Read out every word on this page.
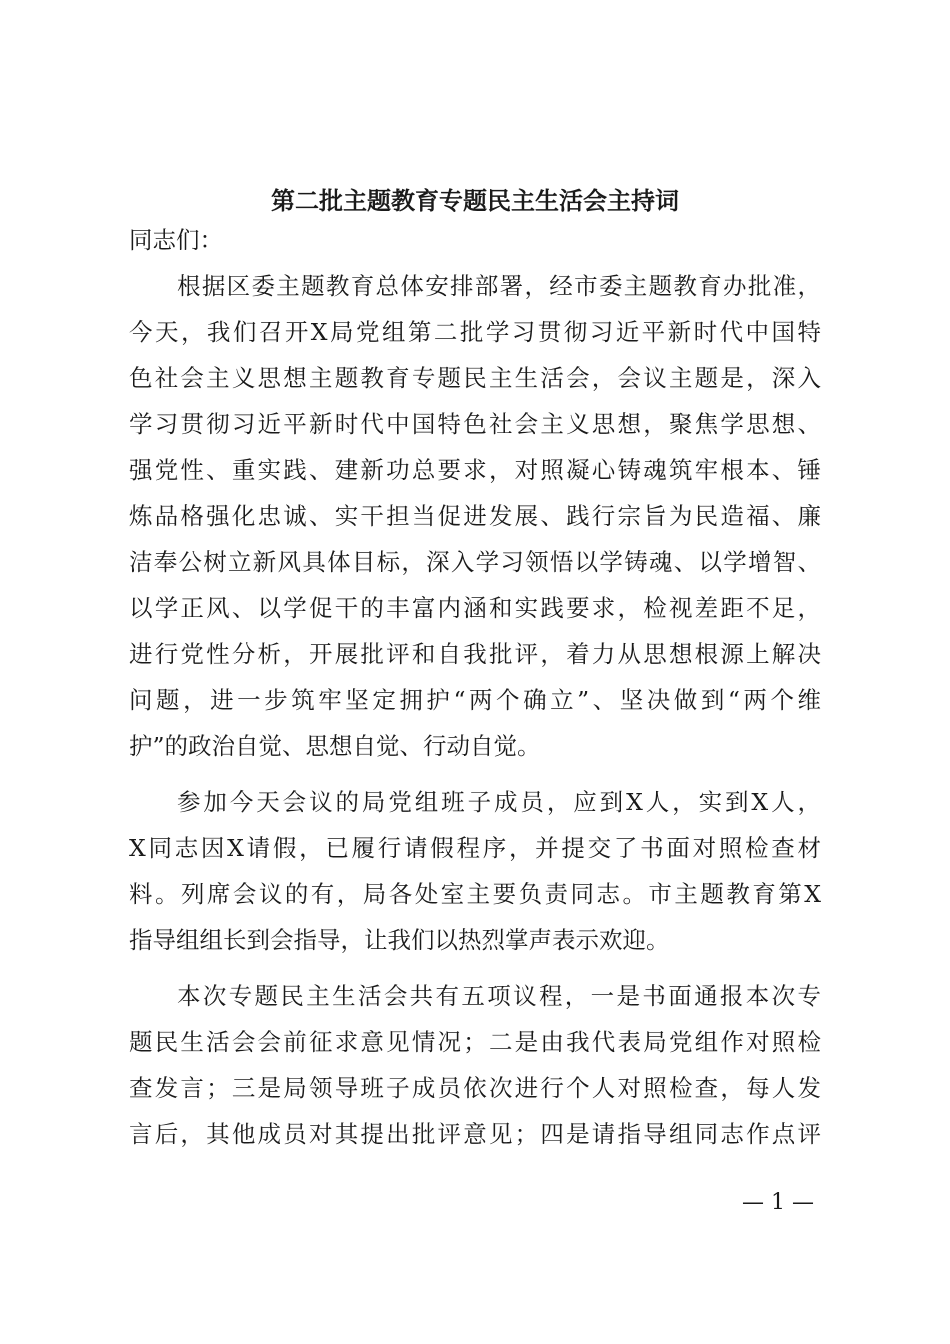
第二批主题教育专题民主生活会主持词
同志们：
根据区委主题教育总体安排部署，经市委主题教育办批准，
今天，我们召开X局党组第二批学习贯彻习近平新时代中国特
色社会主义思想主题教育专题民主生活会，会议主题是，深入
学习贯彻习近平新时代中国特色社会主义思想，聚焦学思想、
强党性、重实践、建新功总要求，对照凝心铸魂筑牢根本、锤
炼品格强化忠诚、实干担当促进发展、践行宗旨为民造福、廉
洁奉公树立新风具体目标，深入学习领悟以学铸魂、以学增智、
以学正风、以学促干的丰富内涵和实践要求，检视差距不足，
进行党性分析，开展批评和自我批评，着力从思想根源上解决
问题，进一步筑牢坚定拥护“两个确立”、坚决做到“两个维
护”的政治自觉、思想自觉、行动自觉。
参加今天会议的局党组班子成员，应到X人，实到X人，
X同志因X请假，已履行请假程序，并提交了书面对照检查材
料。列席会议的有，局各处室主要负责同志。市主题教育第X
指导组组长到会指导，让我们以热烈掌声表示欢迎。
本次专题民主生活会共有五项议程，一是书面通报本次专
题民生活会会前征求意见情况；二是由我代表局党组作对照检
查发言；三是局领导班子成员依次进行个人对照检查，每人发
言后，其他成员对其提出批评意见；四是请指导组同志作点评
— 1 —
